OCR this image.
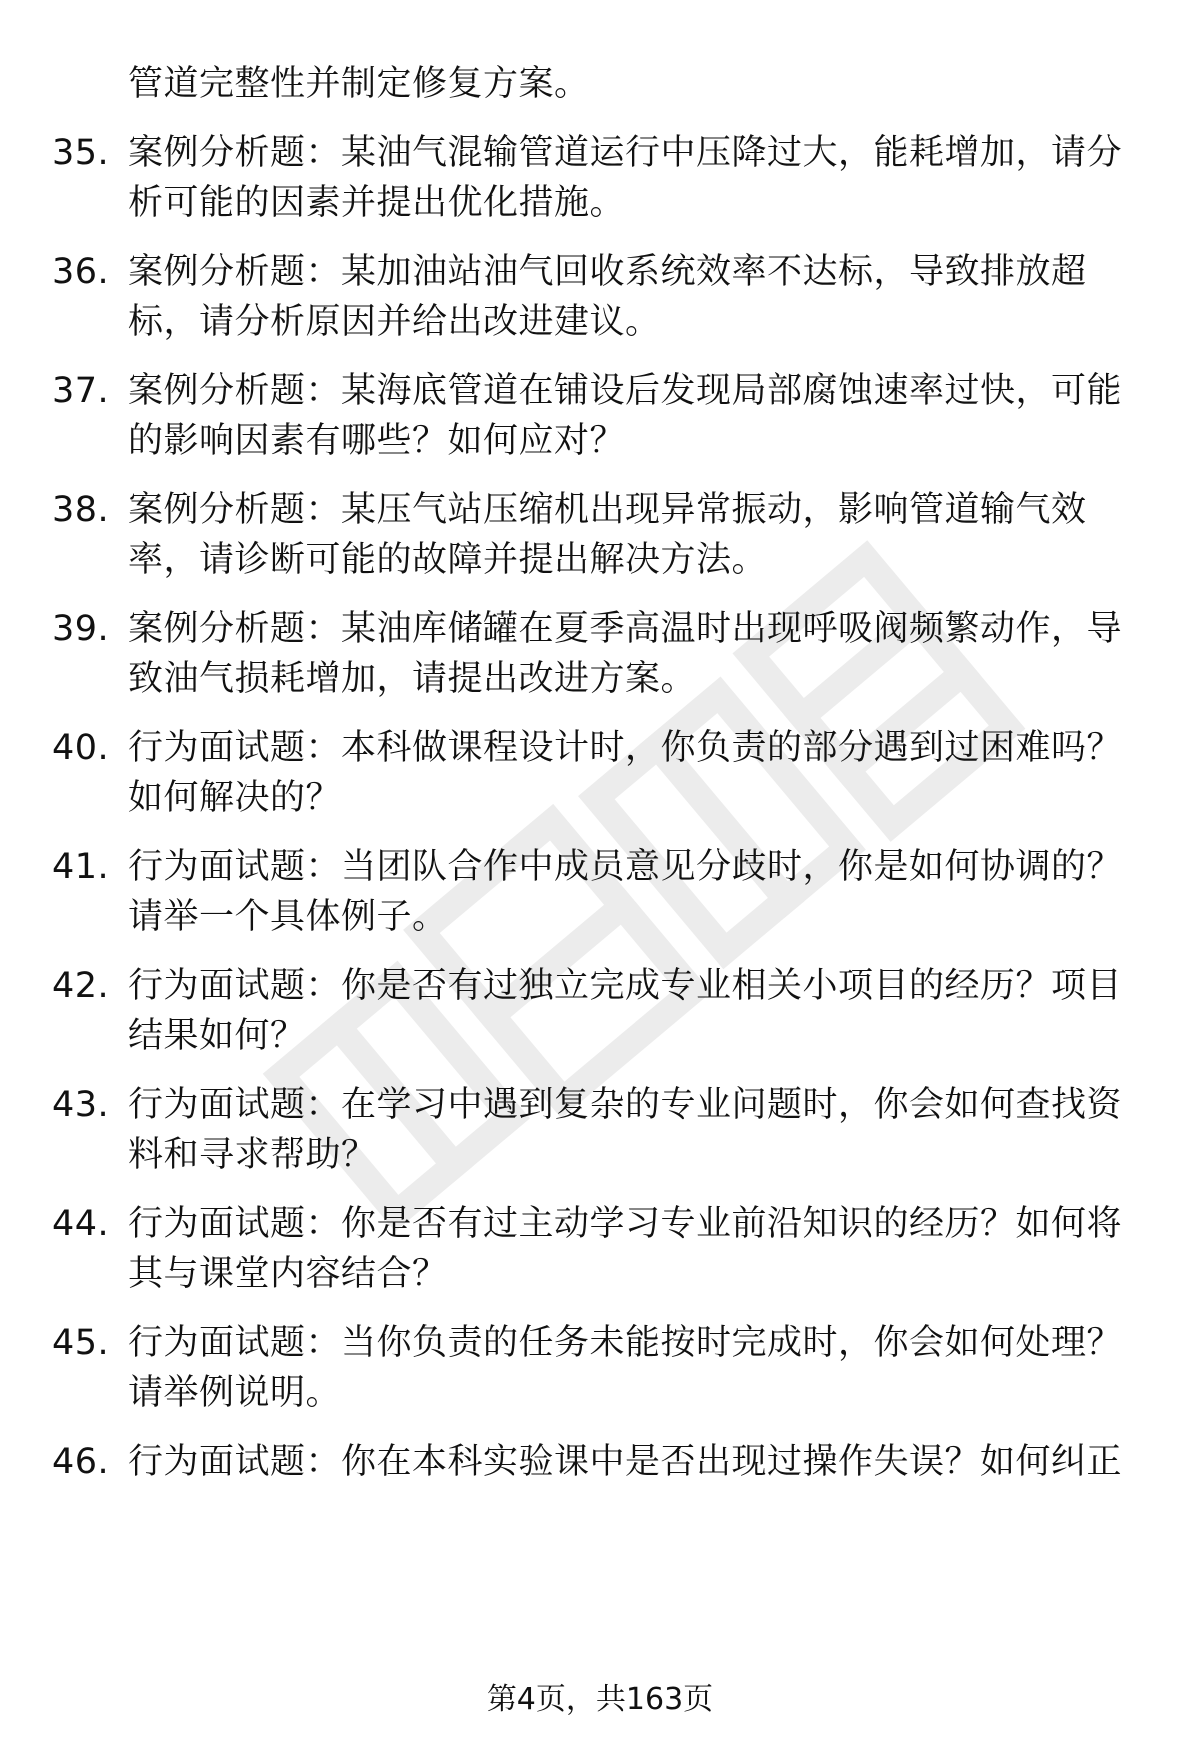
管道完整性并制定修复方案。
35. 案例分析题：某油气混输管道运行中压降过大，能耗增加，请分
析可能的因素并提出优化措施。
36. 案例分析题：某加油站油气回收系统效率不达标，导致排放超
标，请分析原因并给出改进建议。
37. 案例分析题：某海底管道在铺设后发现局部腐蚀速率过快，可能
的影响因素有哪些？如何应对？
38. 案例分析题：某压气站压缩机出现异常振动，影响管道输气效
率，请诊断可能的故障并提出解决方法。
39. 案例分析题：某油库储罐在夏季高温时出现呼吸阀频繁动作，导
致油气损耗增加，请提出改进方案。
40. 行为面试题：本科做课程设计时，你负责的部分遇到过困难吗？
如何解决的？
41. 行为面试题：当团队合作中成员意见分歧时，你是如何协调的？
请举一个具体例子。
42. 行为面试题：你是否有过独立完成专业相关小项目的经历？项目
结果如何？
43. 行为面试题：在学习中遇到复杂的专业问题时，你会如何查找资
料和寻求帮助？
44. 行为面试题：你是否有过主动学习专业前沿知识的经历？如何将
其与课堂内容结合？
45. 行为面试题：当你负责的任务未能按时完成时，你会如何处理？
请举例说明。
46. 行为面试题：你在本科实验课中是否出现过操作失误？如何纠正
第4页，共163页
